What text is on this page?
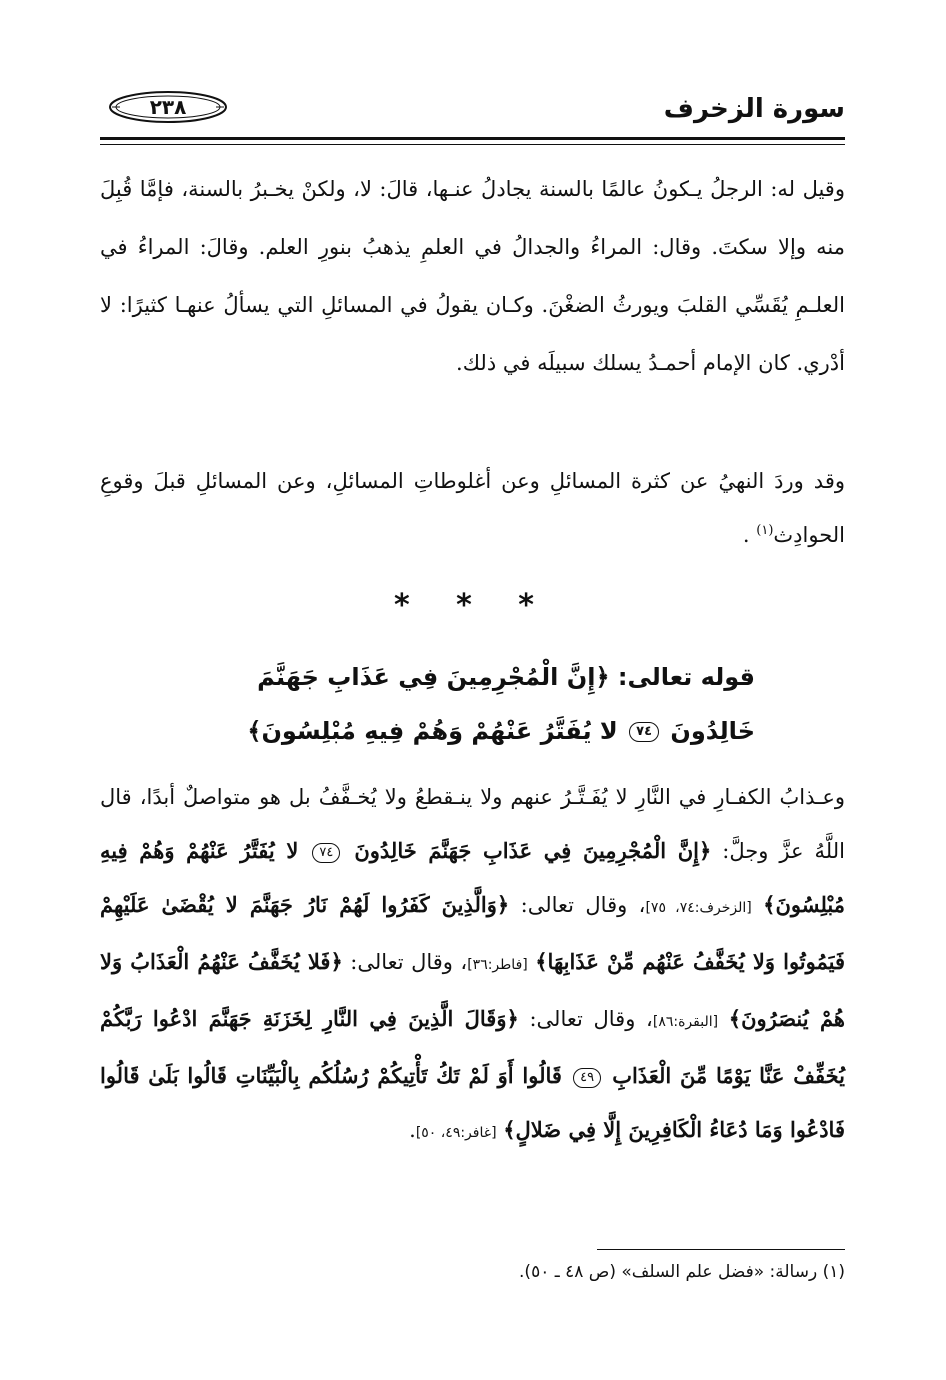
سورة الزخرف
٢٣٨
وقيل له: الرجلُ يـكونُ عالمًا بالسنة يجادلُ عنـها، قالَ: لا، ولكنْ يخـبرُ بالسنة، فإمَّا قُبِلَ منه وإلا سكتَ. وقال: المراءُ والجدالُ في العلمِ يذهبُ بنورِ العلم. وقالَ: المراءُ في العلـمِ يُقَسِّي القلبَ ويورثُ الضغْنَ. وكـان يقولُ في المسائلِ التي يسألُ عنهـا كثيرًا: لا أدْري. كان الإمام أحمـدُ يسلك سبيلَه في ذلك.
وقد وردَ النهيُ عن كثرة المسائلِ وعن أغلوطاتِ المسائلِ، وعن المسائلِ قبلَ وقوعِ الحوادِث$^{(١)}$ .
* * *
قوله تعالى: ﴿إِنَّ الْمُجْرِمِينَ فِي عَذَابِ جَهَنَّمَ
خَالِدُونَ ٧٤ لا يُفَتَّرُ عَنْهُمْ وَهُمْ فِيهِ مُبْلِسُونَ﴾
وعـذابُ الكفـارِ في النَّارِ لا يُفَـتَّـرُ عنهم ولا ينـقطعُ ولا يُخـفَّفُ بل هو متواصلٌ أبدًا، قال اللَّهُ عزَّ وجلَّ: ﴿إِنَّ الْمُجْرِمِينَ فِي عَذَابِ جَهَنَّمَ خَالِدُونَ ٧٤ لا يُفَتَّرُ عَنْهُمْ وَهُمْ فِيهِ مُبْلِسُونَ﴾ [الزخرف:٧٤، ٧٥]، وقال تعالى: ﴿وَالَّذِينَ كَفَرُوا لَهُمْ نَارُ جَهَنَّمَ لا يُقْضَىٰ عَلَيْهِمْ فَيَمُوتُوا وَلا يُخَفَّفُ عَنْهُم مِّنْ عَذَابِهَا﴾ [فاطر:٣٦]، وقال تعالى: ﴿فَلا يُخَفَّفُ عَنْهُمُ الْعَذَابُ وَلا هُمْ يُنصَرُونَ﴾ [البقرة:٨٦]، وقال تعالى: ﴿وَقَالَ الَّذِينَ فِي النَّارِ لِخَزَنَةِ جَهَنَّمَ ادْعُوا رَبَّكُمْ يُخَفِّفْ عَنَّا يَوْمًا مِّنَ الْعَذَابِ ٤٩ قَالُوا أَوَ لَمْ تَكُ تَأْتِيكُمْ رُسُلُكُم بِالْبَيِّنَاتِ قَالُوا بَلَىٰ قَالُوا فَادْعُوا وَمَا دُعَاءُ الْكَافِرِينَ إِلَّا فِي ضَلالٍ﴾ [غافر:٤٩، ٥٠].
(١) رسالة: «فضل علم السلف» (ص ٤٨ ـ ٥٠).
